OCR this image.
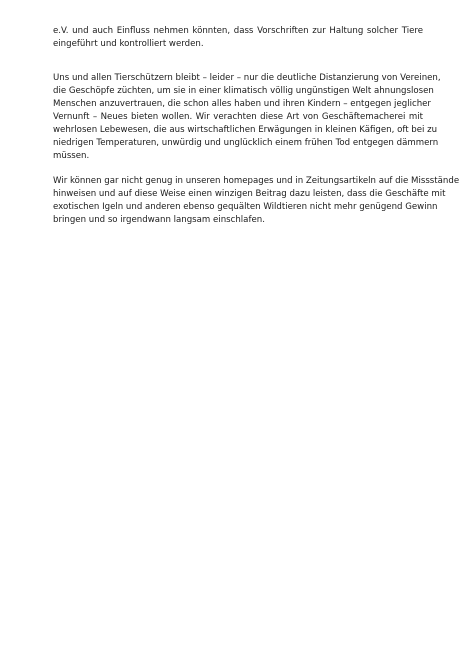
e.V. und auch Einfluss nehmen könnten, dass Vorschriften zur Haltung solcher Tiere
eingeführt und kontrolliert werden.
Uns und allen Tierschützern bleibt – leider – nur die deutliche Distanzierung von Vereinen,
die Geschöpfe züchten, um sie in einer klimatisch völlig ungünstigen Welt ahnungslosen
Menschen anzuvertrauen, die schon alles haben und ihren Kindern – entgegen jeglicher
Vernunft – Neues bieten wollen. Wir verachten diese Art von Geschäftemacherei mit
wehrlosen Lebewesen, die aus wirtschaftlichen Erwägungen in kleinen Käfigen, oft bei zu
niedrigen Temperaturen, unwürdig und unglücklich einem frühen Tod entgegen dämmern
müssen.
Wir können gar nicht genug in unseren homepages und in Zeitungsartikeln auf die Missstände
hinweisen und auf diese Weise einen winzigen Beitrag dazu leisten, dass die Geschäfte mit
exotischen Igeln und anderen ebenso gequälten Wildtieren nicht mehr genügend Gewinn
bringen und so irgendwann langsam einschlafen.
